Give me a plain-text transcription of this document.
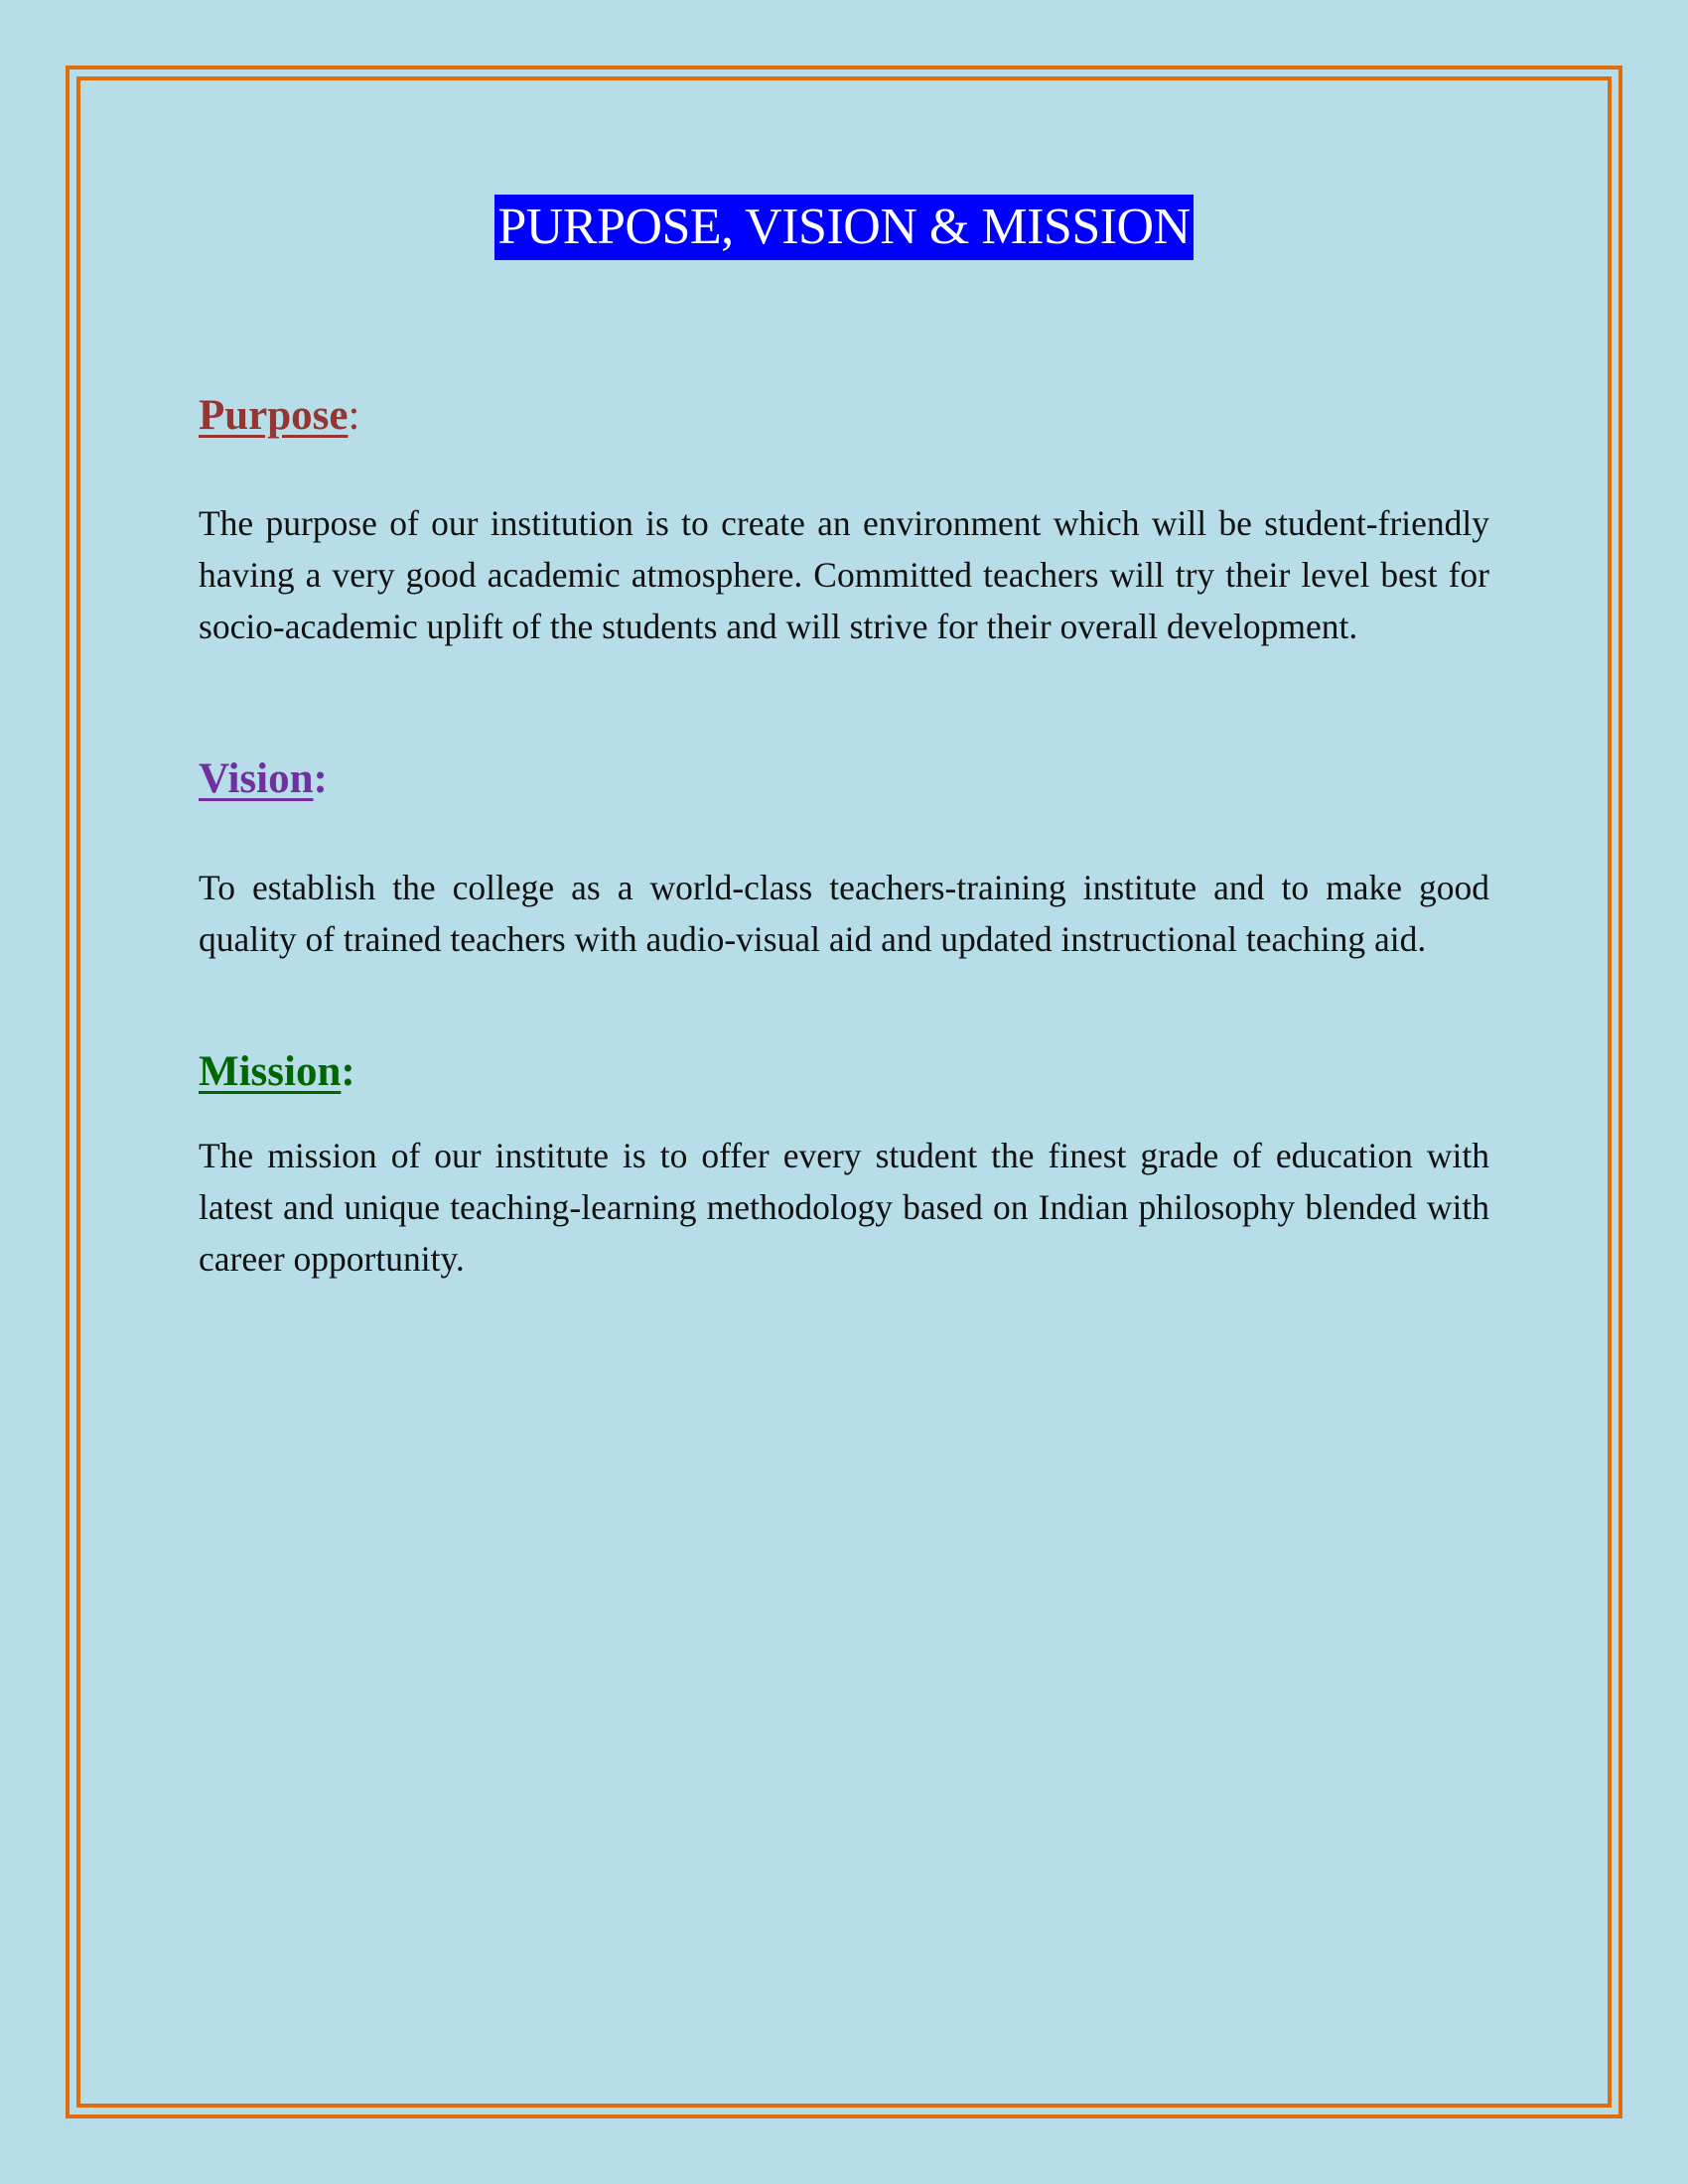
PURPOSE, VISION & MISSION
Purpose:

The purpose of our institution is to create an environment which will be student-friendly having a very good academic atmosphere. Committed teachers will try their level best for socio-academic uplift of the students and will strive for their overall development.

Vision:

To establish the college as a world-class teachers-training institute and to make good quality of trained teachers with audio-visual aid and updated instructional teaching aid.

Mission:

The mission of our institute is to offer every student the finest grade of education with latest and unique teaching-learning methodology based on Indian philosophy blended with career opportunity.
